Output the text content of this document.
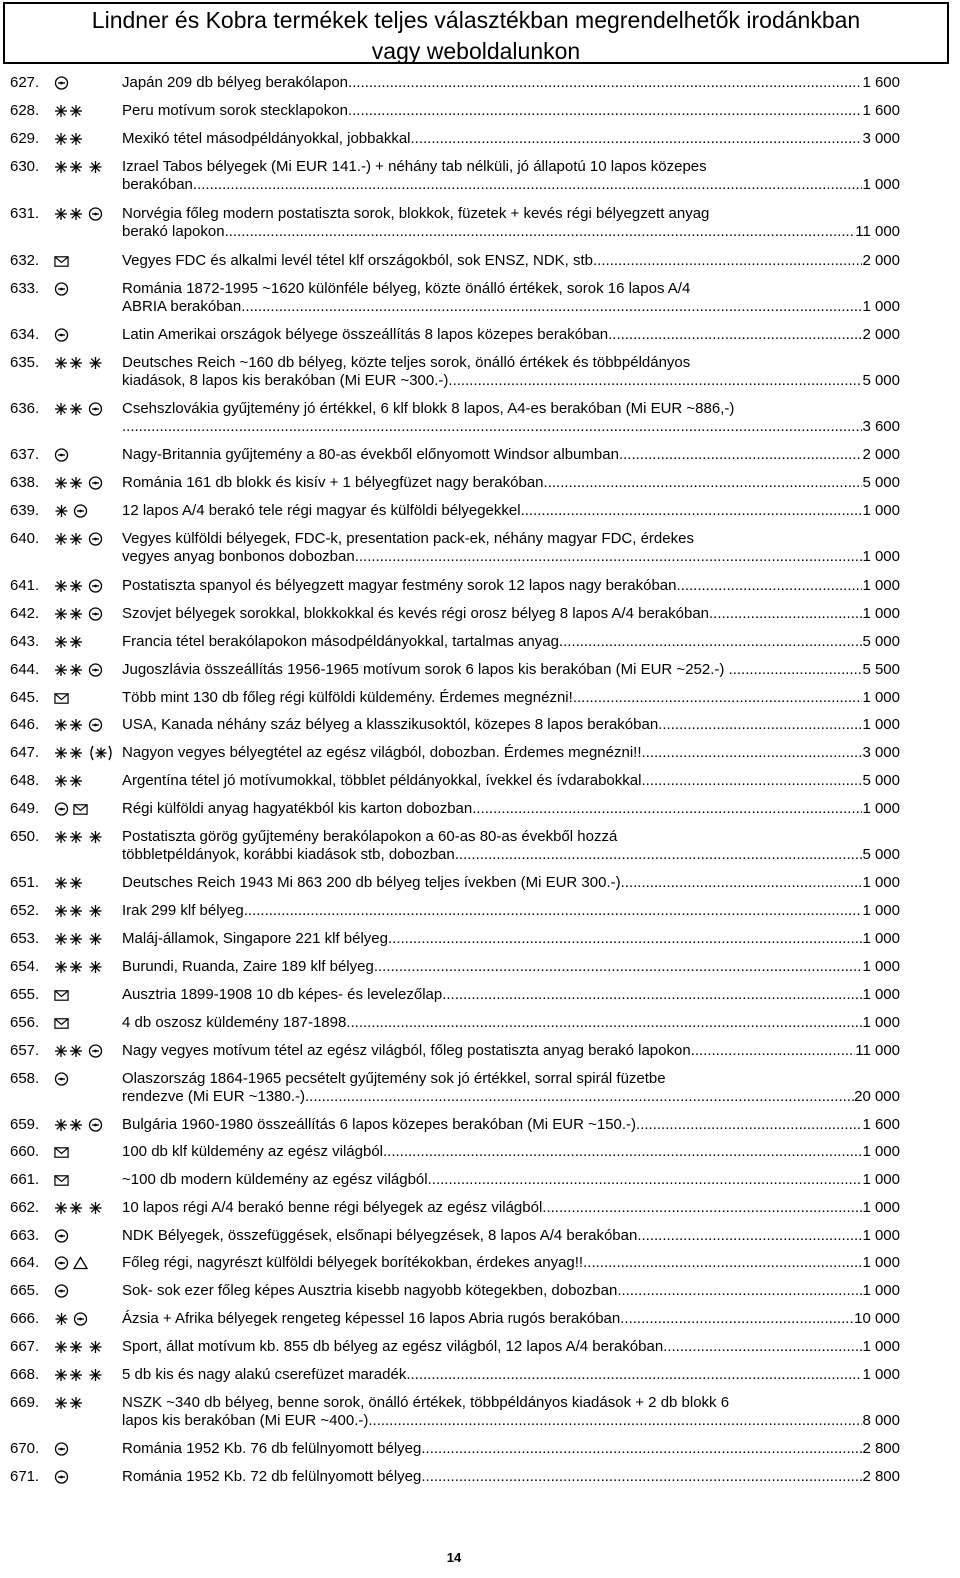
Lindner és Kobra termékek teljes választékban megrendelhetők irodánkban
vagy weboldalunkon
627.	Japán 209 db bélyeg berakólapon .....	1 600
628.	Peru motívum sorok stecklapokon. .....	1 600
629.	Mexikó tétel másodpéldányokkal, jobbakkal. .....	3 000
630.	Izrael Tabos bélyegek (Mi EUR 141.-) + néhány tab nélküli, jó állapotú 10 lapos közepes
berakóban .....	1 000
631.	Norvégia főleg modern postatiszta sorok, blokkok, füzetek + kevés régi bélyegzett anyag
berakó lapokon. .....	11 000
632.	Vegyes FDC és alkalmi levél tétel klf országokból, sok ENSZ, NDK, stb .....	2 000
633.	Románia 1872-1995 ~1620 különféle bélyeg, közte önálló értékek, sorok 16 lapos A/4
ABRIA berakóban .....	1 000
634.	Latin Amerikai országok bélyege összeállítás 8 lapos közepes berakóban .....	2 000
635.	Deutsches Reich ~160 db bélyeg, közte teljes sorok, önálló értékek és többpéldányos
kiadások, 8 lapos kis berakóban (Mi EUR ~300.-) .....	5 000
636.	Csehszlovákia gyűjtemény jó értékkel, 6 klf blokk 8 lapos, A4-es berakóban (Mi EUR ~886,-)
.....
3 600
637.	Nagy-Britannia gyűjtemény a 80-as évekből előnyomott Windsor albumban .....	2 000
638.	Románia 161 db blokk és kisív + 1 bélyegfüzet nagy berakóban .....	5 000
639.	12 lapos A/4 berakó tele régi magyar és külföldi bélyegekkel .....	1 000
640.	Vegyes külföldi bélyegek, FDC-k, presentation pack-ek, néhány magyar FDC, érdekes
vegyes anyag bonbonos dobozban .....	1 000
641.	Postatiszta spanyol és bélyegzett magyar festmény sorok 12 lapos nagy berakóban .....	1 000
642.	Szovjet bélyegek sorokkal, blokkokkal és kevés régi orosz bélyeg 8 lapos A/4 berakóban .....	1 000
643.	Francia tétel berakólapokon másodpéldányokkal, tartalmas anyag .....	5 000
644.	Jugoszlávia összeállítás 1956-1965 motívum sorok 6 lapos kis berakóban (Mi EUR ~252.-) .. .....	5 500
645.	Több mint 130 db főleg régi külföldi küldemény. Érdemes megnézni! .....	1 000
646.	USA, Kanada néhány száz bélyeg a klasszikusoktól, közepes 8 lapos berakóban .....	1 000
647.	Nagyon vegyes bélyegtétel az egész világból, dobozban. Érdemes megnézni!! .....	3 000
648.	Argentína tétel jó motívumokkal, többlet példányokkal, ívekkel és ívdarabokkal .....	5 000
649.	Régi külföldi anyag hagyatékból kis karton dobozban .....	1 000
650.	Postatiszta görög gyűjtemény berakólapokon a 60-as 80-as évekből hozzá
többletpéldányok, korábbi kiadások stb, dobozban. .....	5 000
651.	Deutsches Reich 1943 Mi 863 200 db bélyeg teljes ívekben (Mi EUR 300.-) .....	1 000
652.	Irak 299 klf bélyeg .....	1 000
653.	Maláj-államok, Singapore 221 klf bélyeg .....	1 000
654.	Burundi, Ruanda, Zaire 189 klf bélyeg .....	1 000
655.	Ausztria 1899-1908 10 db képes- és levelezőlap .....	1 000
656.	4 db oszosz küldemény 187-1898 .....	1 000
657.	Nagy vegyes motívum tétel az egész világból, főleg postatiszta anyag berakó lapokon .....	11 000
658.	Olaszország 1864-1965 pecsételt gyűjtemény sok jó értékkel, sorral spirál füzetbe
rendezve (Mi EUR ~1380.-) .....	20 000
659.	Bulgária 1960-1980 összeállítás 6 lapos közepes berakóban (Mi EUR ~150.-) .....	1 600
660.	100 db klf küldemény az egész világból .....	1 000
661.	~100 db modern küldemény az egész világból .....	1 000
662.	10 lapos régi A/4 berakó benne régi bélyegek az egész világból .....	1 000
663.	NDK Bélyegek, összefüggések, elsőnapi bélyegzések, 8 lapos A/4 berakóban .....	1 000
664.	Főleg régi, nagyrészt külföldi bélyegek borítékokban, érdekes anyag!! .....	1 000
665.	Sok- sok ezer főleg képes Ausztria kisebb nagyobb kötegekben, dobozban .....	1 000
666.	Ázsia + Afrika bélyegek rengeteg képessel 16 lapos Abria rugós berakóban .....	10 000
667.	Sport, állat motívum kb. 855 db bélyeg az egész világból, 12 lapos A/4 berakóban .....	1 000
668.	5 db kis és nagy alakú cserefüzet maradék .....	1 000
669.	NSZK ~340 db bélyeg, benne sorok, önálló értékek, többpéldányos kiadások + 2 db blokk 6
lapos kis berakóban (Mi EUR ~400.-) .....	8 000
670.	Románia 1952 Kb. 76 db felülnyomott bélyeg .....	2 800
671.	Románia 1952 Kb. 72 db felülnyomott bélyeg .....	2 800
14
